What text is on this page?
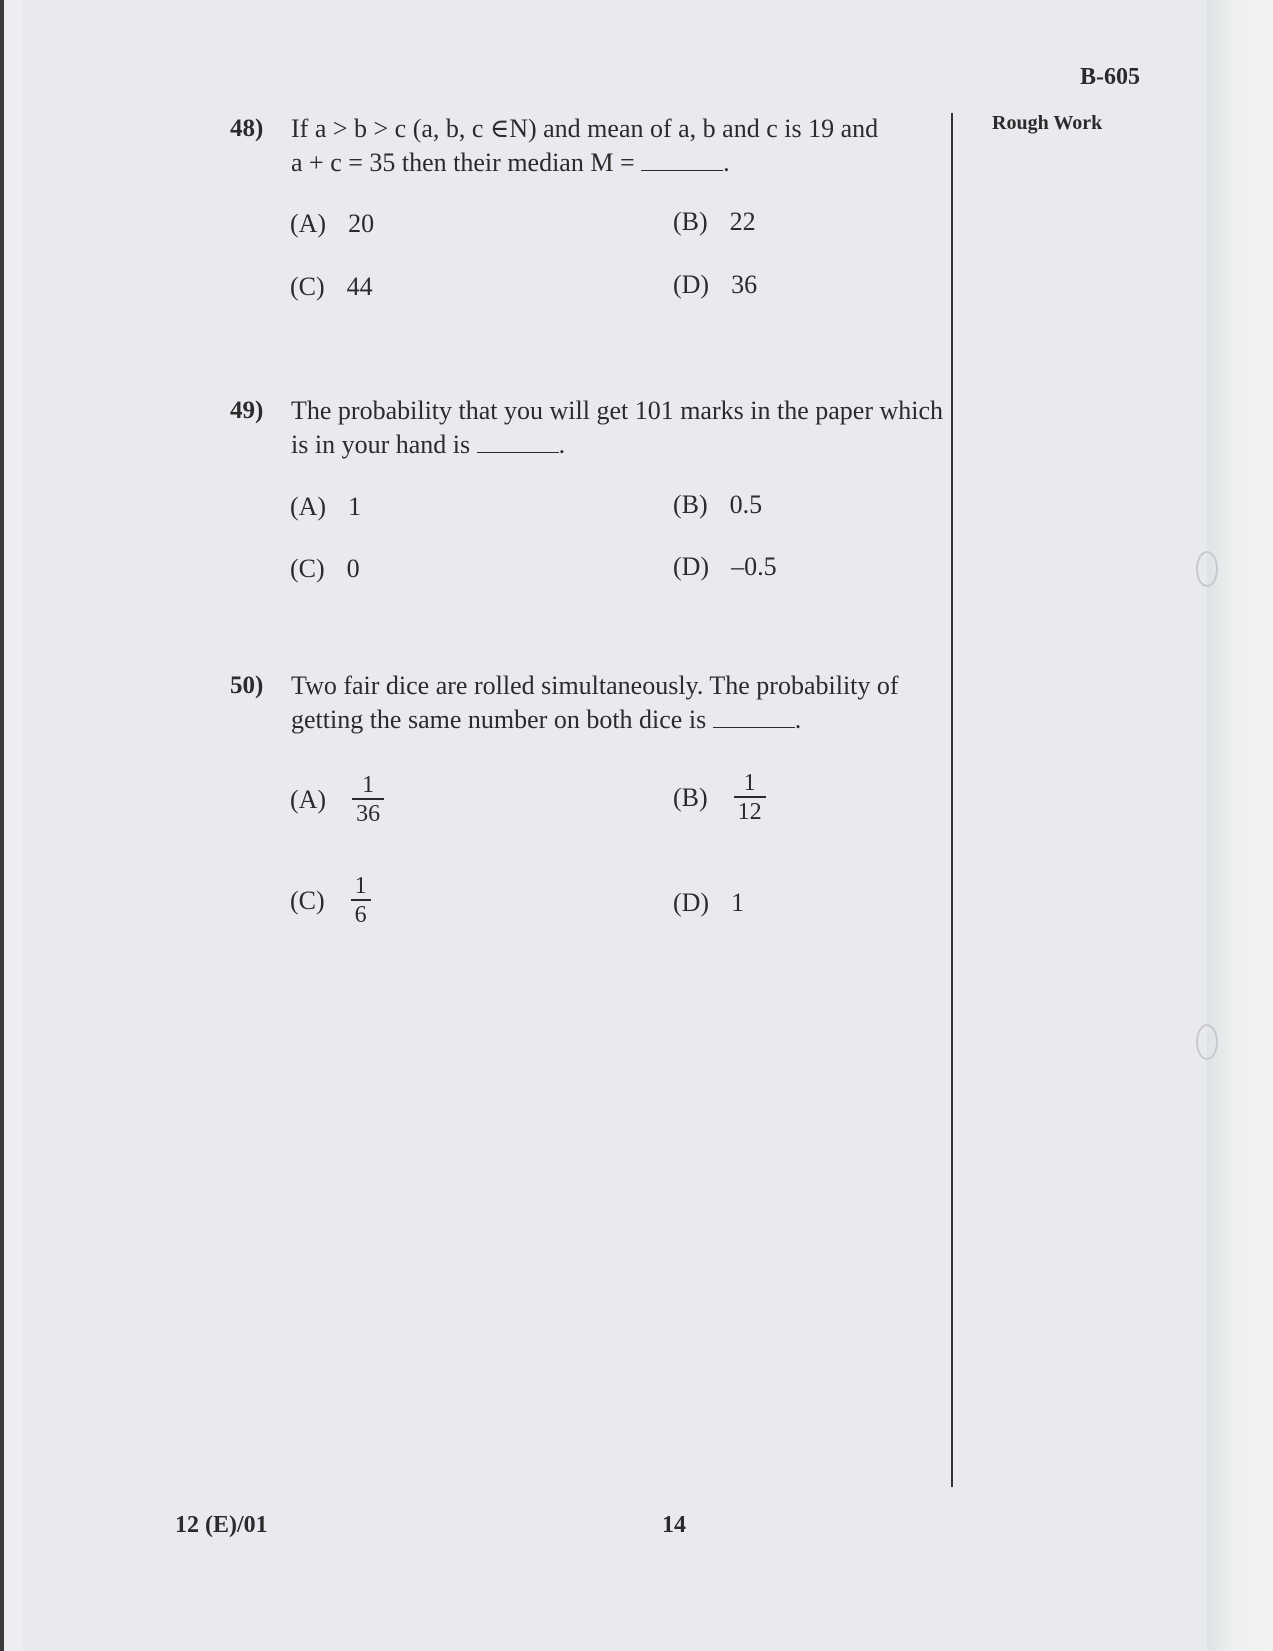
B-605
Rough Work
48) If a > b > c (a, b, c ∈N) and mean of a, b and c is 19 and
a + c = 35 then their median M =	.
(A) 20	(B) 22
(C) 44	(D) 36
49) The probability that you will get 101 marks in the paper which
is in your hand is	.
(A) 1	(B) 0.5
(C) 0	(D) –0.5
50) Two fair dice are rolled simultaneously. The probability of
getting the same number on both dice is	.
$(A) \frac{1}{36}$	$(B) \frac{1}{12}$
$(C) \frac{1}{6}$	(D) 1
12 (E)/01	14
